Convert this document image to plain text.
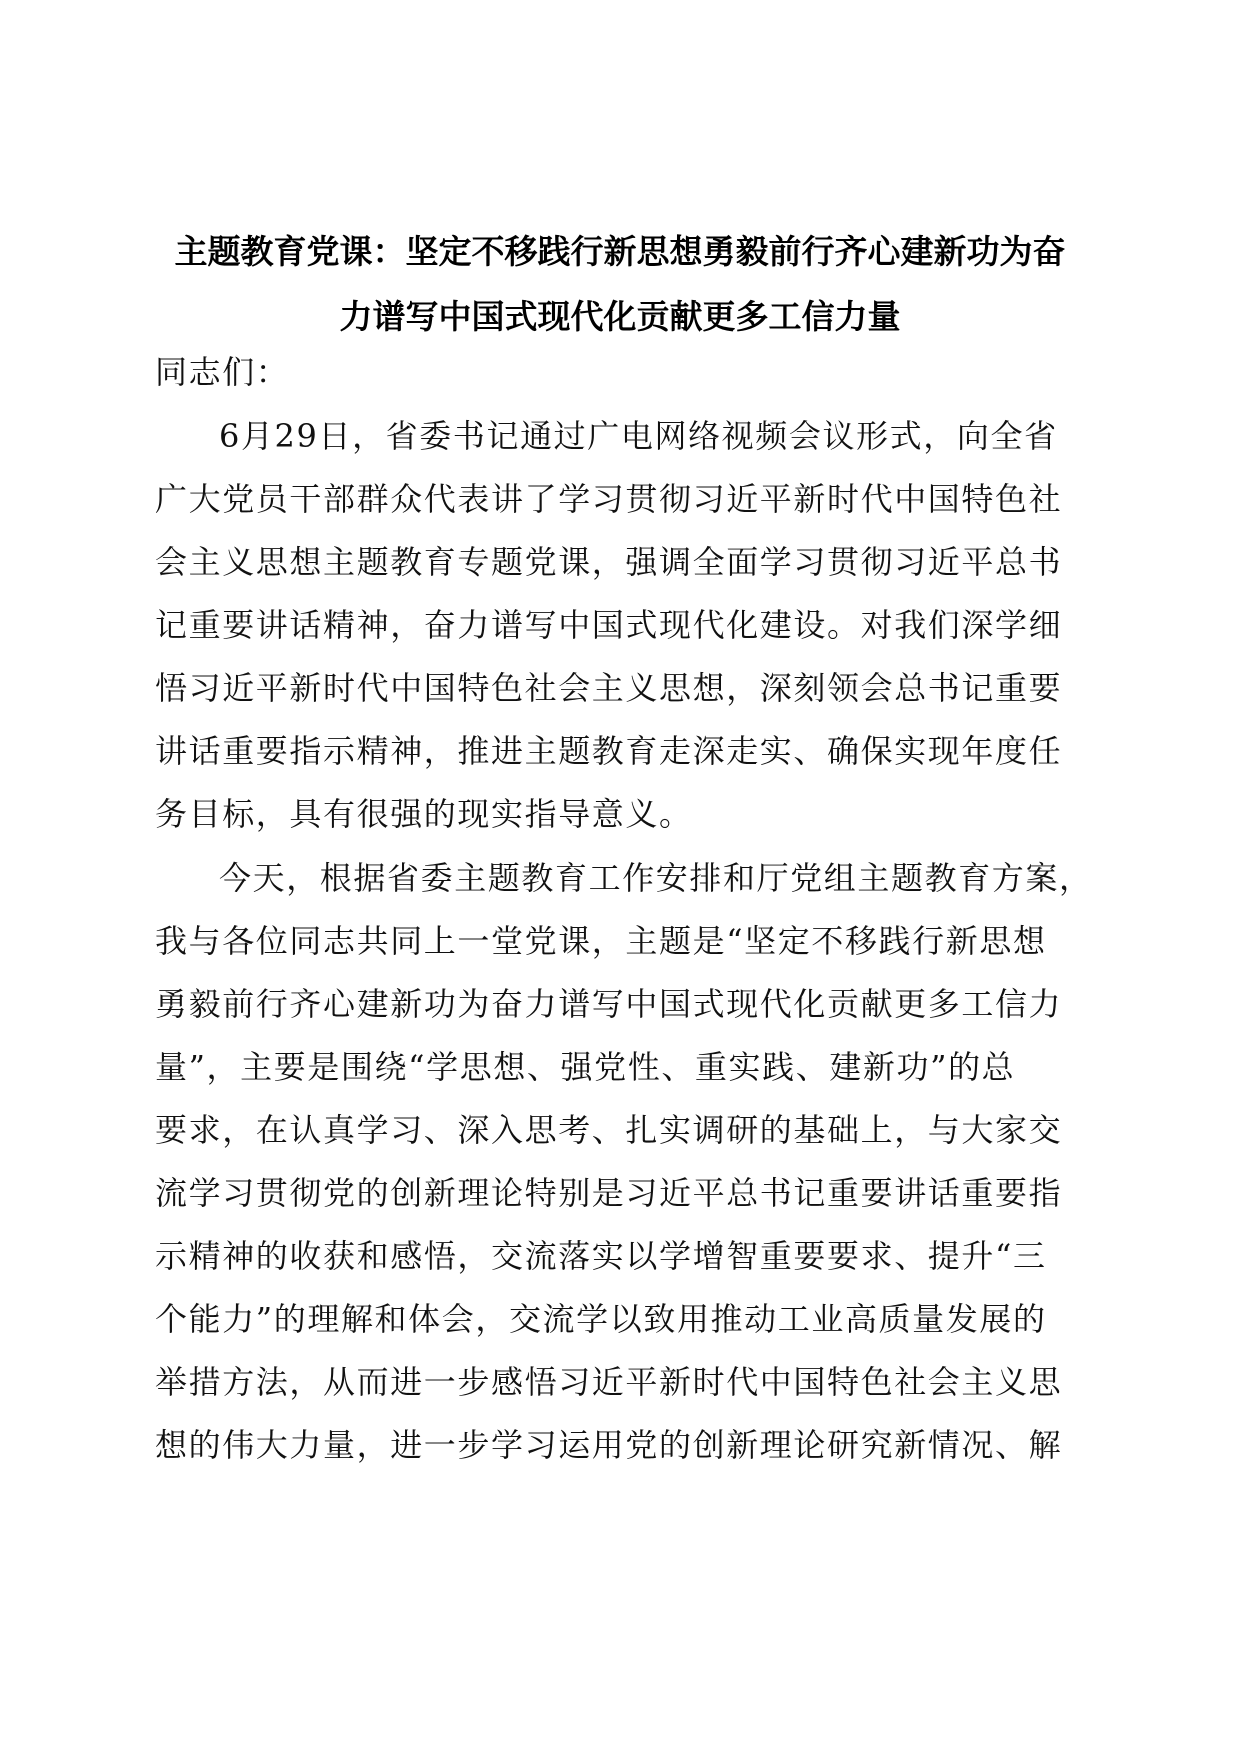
主题教育党课：坚定不移践行新思想勇毅前行齐心建新功为奋
力谱写中国式现代化贡献更多工信力量
同志们：
6月29日，省委书记通过广电网络视频会议形式，向全省
广大党员干部群众代表讲了学习贯彻习近平新时代中国特色社
会主义思想主题教育专题党课，强调全面学习贯彻习近平总书
记重要讲话精神，奋力谱写中国式现代化建设。对我们深学细
悟习近平新时代中国特色社会主义思想，深刻领会总书记重要
讲话重要指示精神，推进主题教育走深走实、确保实现年度任
务目标，具有很强的现实指导意义。
今天，根据省委主题教育工作安排和厅党组主题教育方案，
我与各位同志共同上一堂党课，主题是“坚定不移践行新思想
勇毅前行齐心建新功为奋力谱写中国式现代化贡献更多工信力
量”，主要是围绕“学思想、强党性、重实践、建新功”的总
要求，在认真学习、深入思考、扎实调研的基础上，与大家交
流学习贯彻党的创新理论特别是习近平总书记重要讲话重要指
示精神的收获和感悟，交流落实以学增智重要要求、提升“三
个能力”的理解和体会，交流学以致用推动工业高质量发展的
举措方法，从而进一步感悟习近平新时代中国特色社会主义思
想的伟大力量，进一步学习运用党的创新理论研究新情况、解
